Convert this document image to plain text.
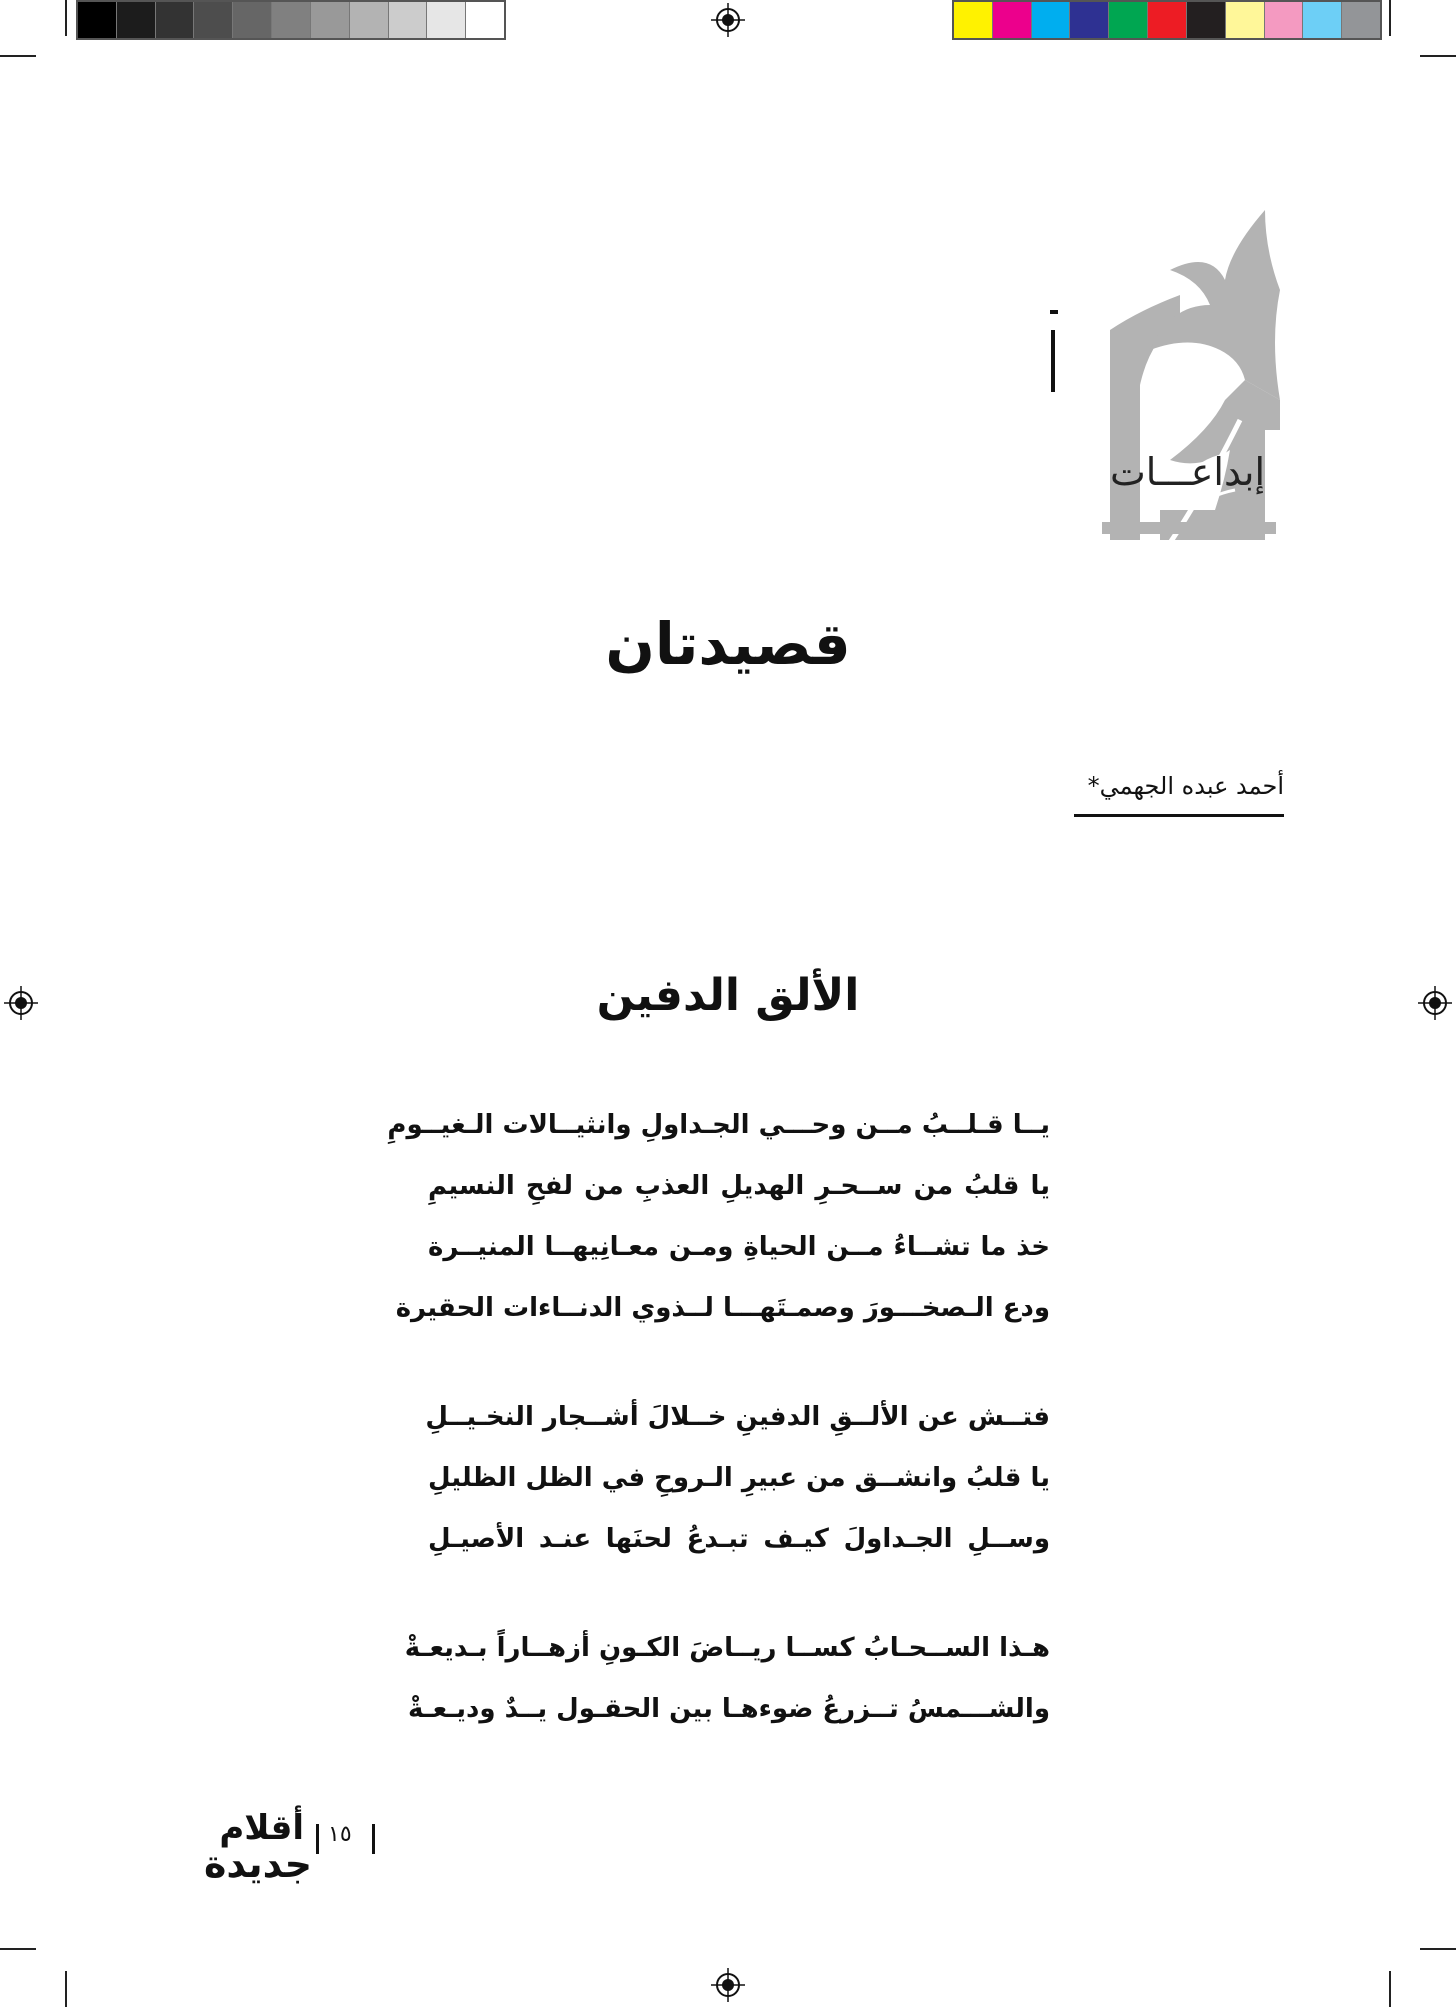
إبداعـــات
قصيدتان
أحمد عبده الجهمي*
الألق الدفين
يــا قـلــبُ مــن وحـــي الجـداولِ وانثيــالات الـغيــومِ
يا قلبُ من ســحـرِ الهديلِ العذبِ من لفحِ النسيمِ
خذ ما تشــاءُ مــن الحياةِ ومـن معـانِيهــا المنيــرة
ودع الـصخـــورَ وصمـتَهـــا لــذوي الدنــاءات الحقيرة
فتــش عن الألــقِ الدفينِ خــلالَ أشــجار النخـيــلِ
يا قلبُ وانشــق من عبيرِ الـروحِ في الظل الظليلِ
وســلِ الجـداولَ كيـف تبـدعُ لحنَها عنـد الأصيـلِ
هـذا الســحـابُ كســا ريــاضَ الكـونِ أزهــاراً بـديعـةْ
والشـــمسُ تــزرعُ ضوءهـا بين الحقـول يــدٌ وديـعـةْ
أقلام
جديدة
١٥
